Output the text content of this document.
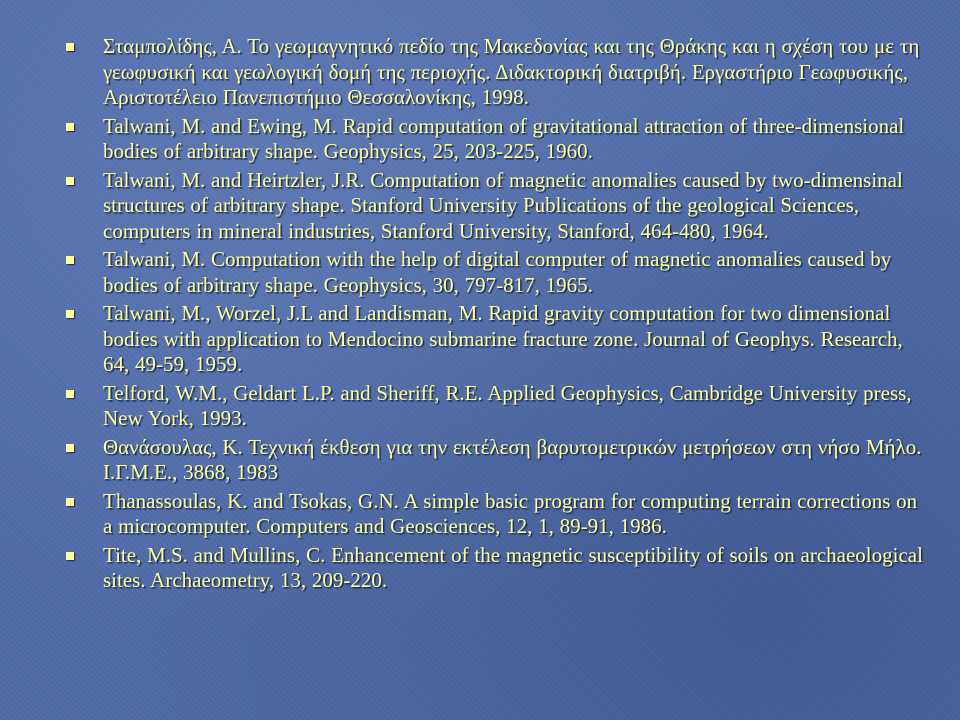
Σταμπολίδης, Α. Το γεωμαγνητικό πεδίο της Μακεδονίας και της Θράκης και η σχέση του με τη γεωφυσική και γεωλογική δομή της περιοχής. Διδακτορική διατριβή. Εργαστήριο Γεωφυσικής, Αριστοτέλειο Πανεπιστήμιο Θεσσαλονίκης, 1998.
Talwani, M. and Ewing, M. Rapid computation of gravitational attraction of three-dimensional bodies of arbitrary shape. Geophysics, 25, 203-225, 1960.
Talwani, M. and Heirtzler, J.R. Computation of magnetic anomalies caused by two-dimensinal structures of arbitrary shape. Stanford University Publications of the geological Sciences, computers in mineral industries, Stanford University, Stanford, 464-480, 1964.
Talwani, M. Computation with the help of digital computer of magnetic anomalies caused by bodies of arbitrary shape. Geophysics, 30, 797-817, 1965.
Talwani, M., Worzel, J.L and Landisman, M. Rapid gravity computation for two dimensional bodies with application to Mendocino submarine fracture zone. Journal of Geophys. Research, 64, 49-59, 1959.
Telford, W.M., Geldart L.P. and Sheriff, R.E. Applied Geophysics, Cambridge University press, New York, 1993.
Θανάσουλας, Κ. Τεχνική έκθεση για την εκτέλεση βαρυτομετρικών μετρήσεων στη νήσο Μήλο. Ι.Γ.Μ.Ε., 3868, 1983
Thanassoulas, K. and Tsokas, G.N. A simple basic program for computing terrain corrections on a microcomputer. Computers and Geosciences, 12, 1, 89-91, 1986.
Tite, M.S. and Mullins, C. Enhancement of the magnetic susceptibility of soils on archaeological sites. Archaeometry, 13, 209-220.
